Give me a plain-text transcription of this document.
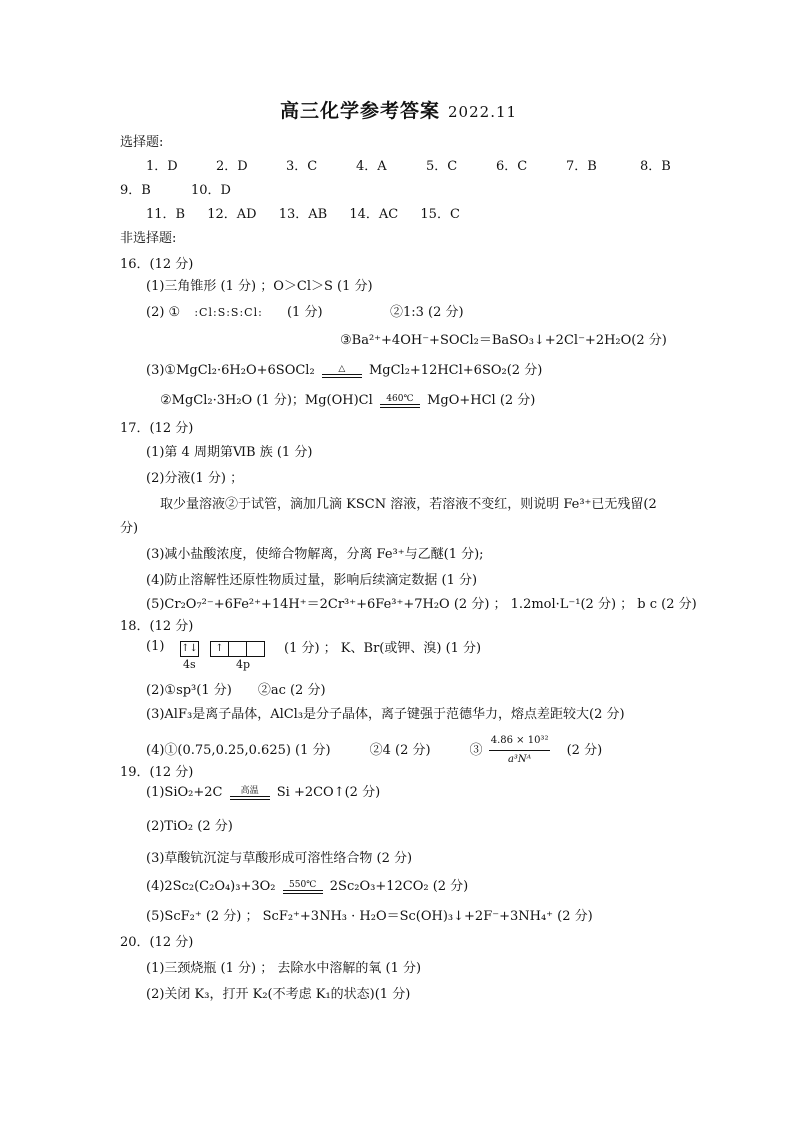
高三化学参考答案 2022.11
选择题:
1．D	2．D	3．C	4．A	5．C	6．C	7．B	8．B
9．B	10．D
11．B 12．AD 13．AB 14．AC 15．C
非选择题:
16．(12 分)
(1)三角锥形 (1 分) ；O＞Cl＞S (1 分)
(2) ① :Cl:S:S:Cl: (1 分)	②1:3 (2 分)
③Ba²⁺+4OH⁻+SOCl₂＝BaSO₃↓+2Cl⁻+2H₂O(2 分)
(3)①MgCl₂·6H₂O+6SOCl₂	△	MgCl₂+12HCl+6SO₂(2 分)
②MgCl₂·3H₂O (1 分)；Mg(OH)Cl	460℃	MgO+HCl (2 分)
17．(12 分)
(1)第 4 周期第ⅥB 族 (1 分)
(2)分液(1 分) ；
取少量溶液②于试管，滴加几滴 KSCN 溶液，若溶液不变红，则说明 Fe³⁺已无残留(2
分)
(3)减小盐酸浓度，使缔合物解离，分离 Fe³⁺与乙醚(1 分);
(4)防止溶解性还原性物质过量，影响后续滴定数据 (1 分)
(5)Cr₂O₇²⁻+6Fe²⁺+14H⁺＝2Cr³⁺+6Fe³⁺+7H₂O (2 分) ； 1.2mol·L⁻¹(2 分) ； b c (2 分)
18．(12 分)
(1) ↑↓	↑
4s	4p
(1 分) ； K、Br(或钾、溴) (1 分)
(2)①sp³(1 分)　　②ac (2 分)
(3)AlF₃是离子晶体，AlCl₃是分子晶体，离子键强于范德华力，熔点差距较大(2 分)
(4)①(0.75,0.25,0.625) (1 分)　　　②4 (2 分)　　　③ $\frac{\text{4.86 × 10³²}}{\text{a³Nᴬ}} (2$ 分)
19．(12 分)
(1)SiO₂+2C	高温	Si +2CO↑(2 分)
(2)TiO₂ (2 分)
(3)草酸钪沉淀与草酸形成可溶性络合物 (2 分)
(4)2Sc₂(C₂O₄)₃+3O₂	550℃	2Sc₂O₃+12CO₂ (2 分)
(5)ScF₂⁺ (2 分) ； ScF₂⁺+3NH₃ · H₂O＝Sc(OH)₃↓+2F⁻+3NH₄⁺ (2 分)
20．(12 分)
(1)三颈烧瓶 (1 分) ； 去除水中溶解的氧 (1 分)
(2)关闭 K₃，打开 K₂(不考虑 K₁的状态)(1 分)
